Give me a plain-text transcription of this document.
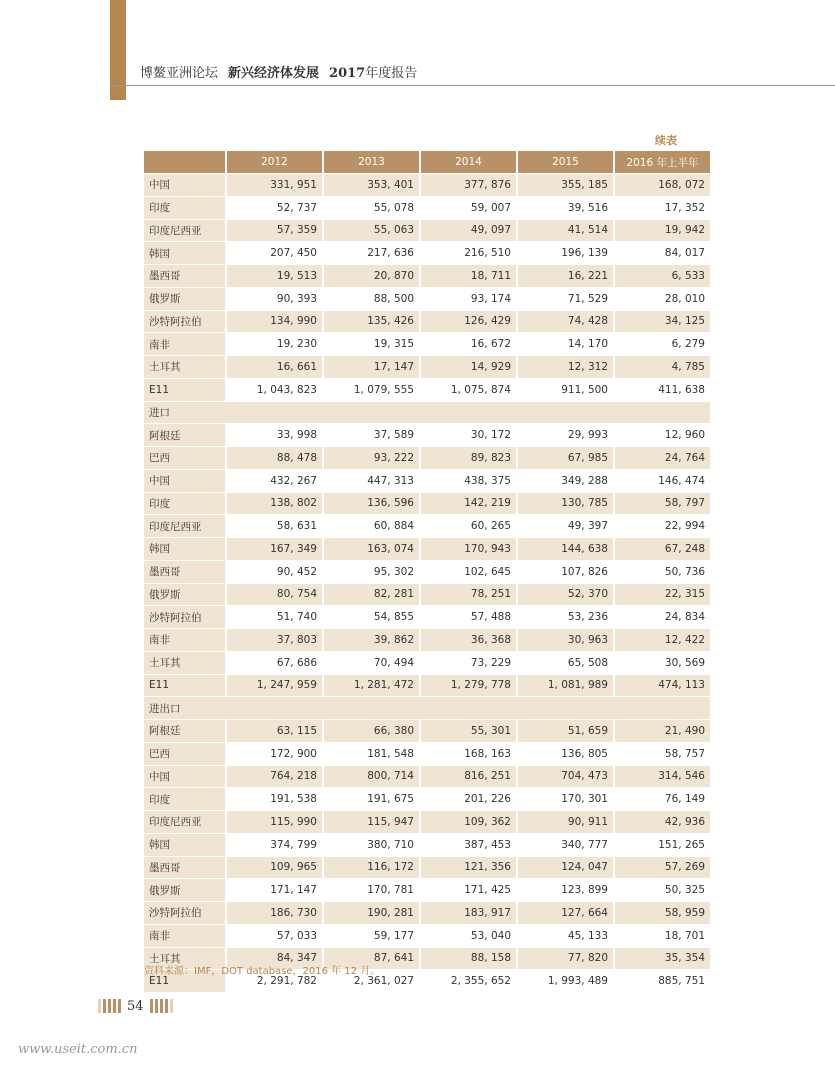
博鳌亚洲论坛 新兴经济体发展 2017年度报告
续表
	2012	2013	2014	2015	2016 年上半年
中国	331, 951	353, 401	377, 876	355, 185	168, 072
印度	52, 737	55, 078	59, 007	39, 516	17, 352
印度尼西亚	57, 359	55, 063	49, 097	41, 514	19, 942
韩国	207, 450	217, 636	216, 510	196, 139	84, 017
墨西哥	19, 513	20, 870	18, 711	16, 221	6, 533
俄罗斯	90, 393	88, 500	93, 174	71, 529	28, 010
沙特阿拉伯	134, 990	135, 426	126, 429	74, 428	34, 125
南非	19, 230	19, 315	16, 672	14, 170	6, 279
土耳其	16, 661	17, 147	14, 929	12, 312	4, 785
E11	1, 043, 823	1, 079, 555	1, 075, 874	911, 500	411, 638
进口					
阿根廷	33, 998	37, 589	30, 172	29, 993	12, 960
巴西	88, 478	93, 222	89, 823	67, 985	24, 764
中国	432, 267	447, 313	438, 375	349, 288	146, 474
印度	138, 802	136, 596	142, 219	130, 785	58, 797
印度尼西亚	58, 631	60, 884	60, 265	49, 397	22, 994
韩国	167, 349	163, 074	170, 943	144, 638	67, 248
墨西哥	90, 452	95, 302	102, 645	107, 826	50, 736
俄罗斯	80, 754	82, 281	78, 251	52, 370	22, 315
沙特阿拉伯	51, 740	54, 855	57, 488	53, 236	24, 834
南非	37, 803	39, 862	36, 368	30, 963	12, 422
土耳其	67, 686	70, 494	73, 229	65, 508	30, 569
E11	1, 247, 959	1, 281, 472	1, 279, 778	1, 081, 989	474, 113
进出口					
阿根廷	63, 115	66, 380	55, 301	51, 659	21, 490
巴西	172, 900	181, 548	168, 163	136, 805	58, 757
中国	764, 218	800, 714	816, 251	704, 473	314, 546
印度	191, 538	191, 675	201, 226	170, 301	76, 149
印度尼西亚	115, 990	115, 947	109, 362	90, 911	42, 936
韩国	374, 799	380, 710	387, 453	340, 777	151, 265
墨西哥	109, 965	116, 172	121, 356	124, 047	57, 269
俄罗斯	171, 147	170, 781	171, 425	123, 899	50, 325
沙特阿拉伯	186, 730	190, 281	183, 917	127, 664	58, 959
南非	57, 033	59, 177	53, 040	45, 133	18, 701
土耳其	84, 347	87, 641	88, 158	77, 820	35, 354
E11	2, 291, 782	2, 361, 027	2, 355, 652	1, 993, 489	885, 751
资料来源：IMF，DOT database，2016 年 12 月。
54
www.useit.com.cn
